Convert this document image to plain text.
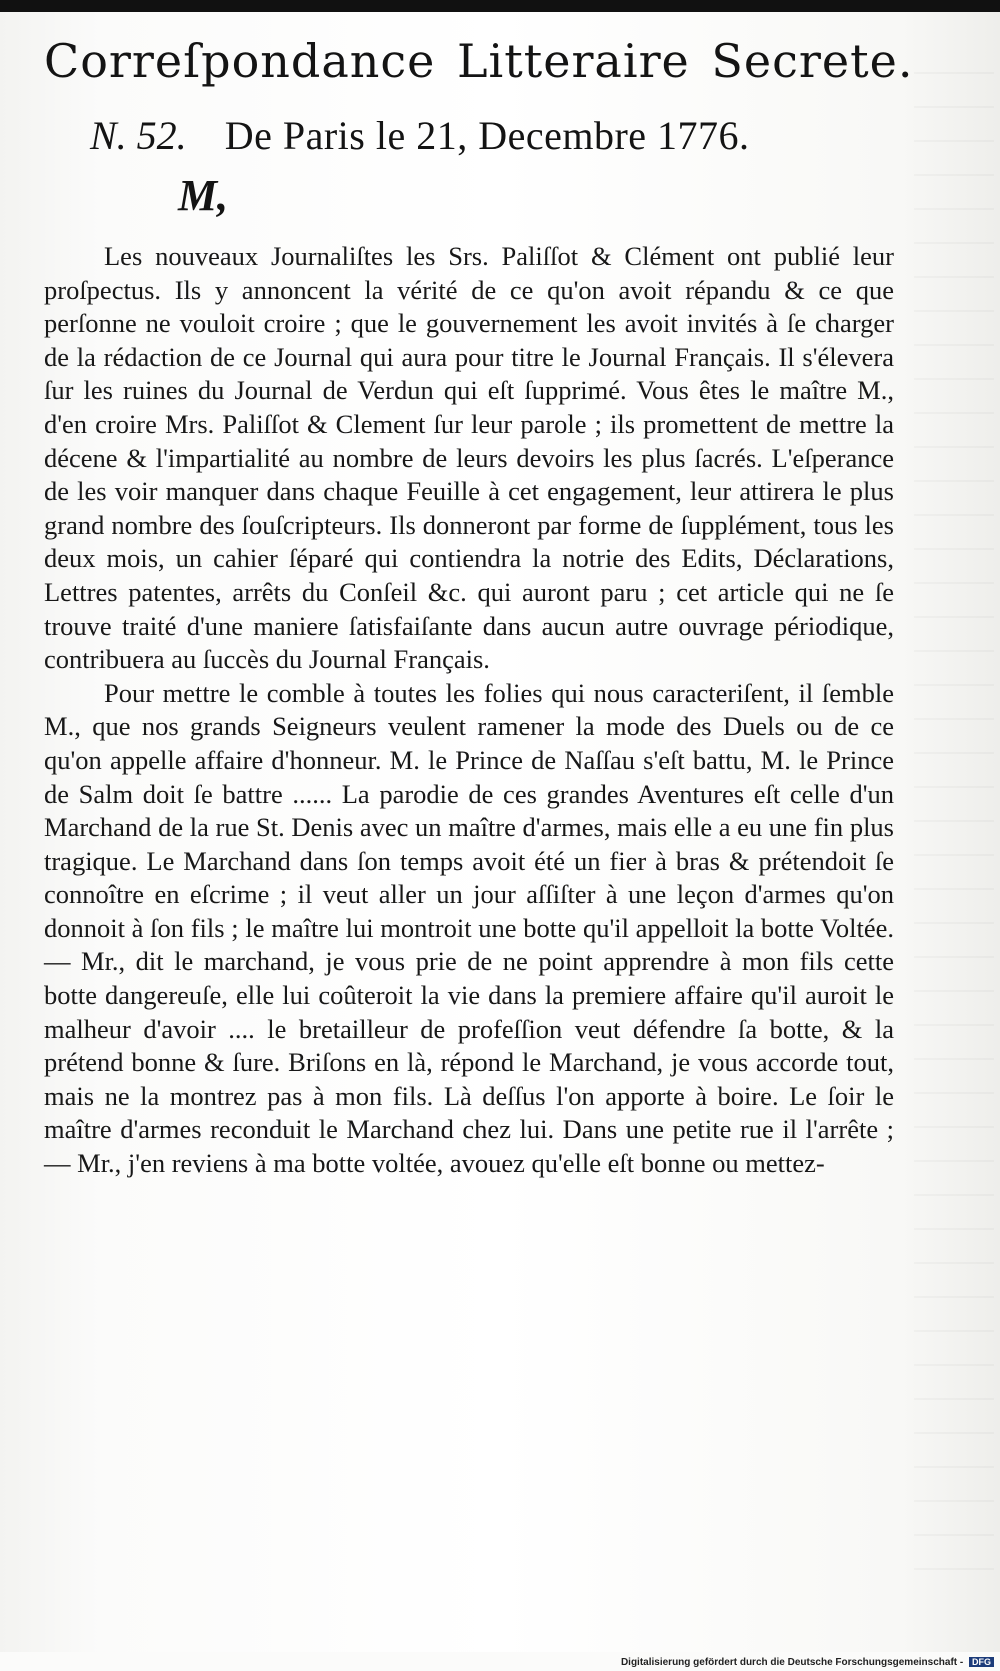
Correſpondance Litteraire Secrete.
N. 52. De Paris le 21, Decembre 1776.
M,

Les nouveaux Journaliſtes les Srs. Paliſſot & Clément ont publié leur proſpectus. Ils y annoncent la vérité de ce qu'on avoit répandu & ce que perſonne ne vouloit croire ; que le gouvernement les avoit invités à ſe charger de la rédaction de ce Journal qui aura pour titre le Journal Français. Il s'élevera ſur les ruines du Journal de Verdun qui eſt ſupprimé. Vous êtes le maître M., d'en croire Mrs. Paliſſot & Clement ſur leur parole ; ils promettent de mettre la décene & l'impartialité au nombre de leurs devoirs les plus ſacrés. L'eſperance de les voir manquer dans chaque Feuille à cet engagement, leur attirera le plus grand nombre des ſouſcripteurs. Ils donneront par forme de ſupplément, tous les deux mois, un cahier ſéparé qui contiendra la notrie des Edits, Déclarations, Lettres patentes, arrêts du Conſeil &c. qui auront paru ; cet article qui ne ſe trouve traité d'une maniere ſatisfaiſante dans aucun autre ouvrage périodique, contribuera au ſuccès du Journal Français.

Pour mettre le comble à toutes les folies qui nous caracteriſent, il ſemble M., que nos grands Seigneurs veulent ramener la mode des Duels ou de ce qu'on appelle affaire d'honneur. M. le Prince de Naſſau s'eſt battu, M. le Prince de Salm doit ſe battre ...... La parodie de ces grandes Aventures eſt celle d'un Marchand de la rue St. Denis avec un maître d'armes, mais elle a eu une fin plus tragique. Le Marchand dans ſon temps avoit été un fier à bras & prétendoit ſe connoître en eſcrime ; il veut aller un jour aſſiſter à une leçon d'armes qu'on donnoit à ſon fils ; le maître lui montroit une botte qu'il appelloit la botte Voltée. — Mr., dit le marchand, je vous prie de ne point apprendre à mon fils cette botte dangereuſe, elle lui coûteroit la vie dans la premiere affaire qu'il auroit le malheur d'avoir .... le bretailleur de profeſſion veut défendre ſa botte, & la prétend bonne & ſure. Briſons en là, répond le Marchand, je vous accorde tout, mais ne la montrez pas à mon fils. Là deſſus l'on apporte à boire. Le ſoir le maître d'armes reconduit le Marchand chez lui. Dans une petite rue il l'arrête ; — Mr., j'en reviens à ma botte voltée, avouez qu'elle eſt bonne ou mettez-

Digitalisierung gefördert durch die Deutsche Forschungsgemeinschaft - DFG
